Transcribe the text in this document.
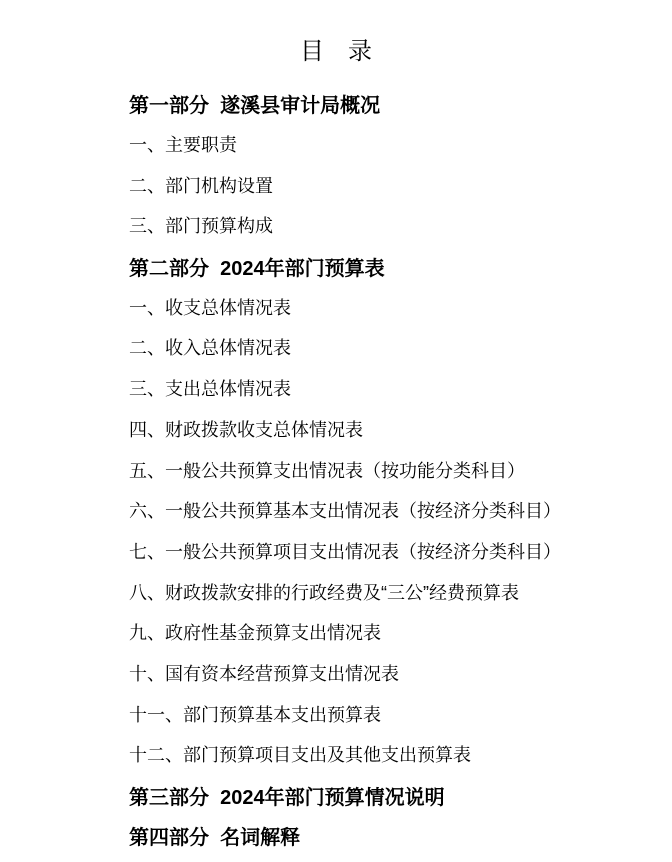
目　录
第一部分  遂溪县审计局概况
一、主要职责
二、部门机构设置
三、部门预算构成
第二部分  2024年部门预算表
一、收支总体情况表
二、收入总体情况表
三、支出总体情况表
四、财政拨款收支总体情况表
五、一般公共预算支出情况表（按功能分类科目）
六、一般公共预算基本支出情况表（按经济分类科目）
七、一般公共预算项目支出情况表（按经济分类科目）
八、财政拨款安排的行政经费及“三公”经费预算表
九、政府性基金预算支出情况表
十、国有资本经营预算支出情况表
十一、部门预算基本支出预算表
十二、部门预算项目支出及其他支出预算表
第三部分  2024年部门预算情况说明
第四部分  名词解释
